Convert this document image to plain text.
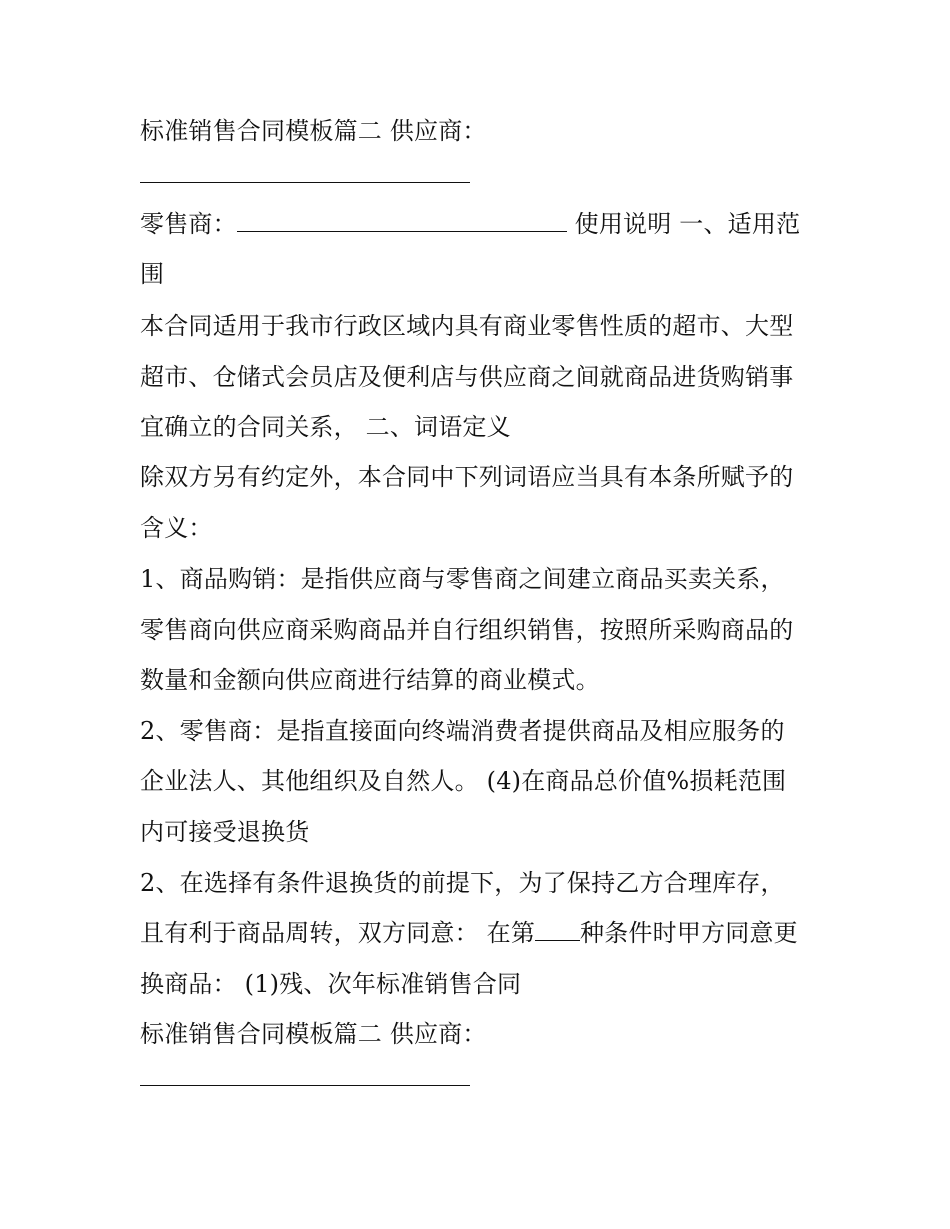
标准销售合同模板篇二 供应商：

零售商：	使用说明 一、适用范

围

本合同适用于我市行政区域内具有商业零售性质的超市、大型

超市、仓储式会员店及便利店与供应商之间就商品进货购销事

宜确立的合同关系， 二、词语定义

除双方另有约定外，本合同中下列词语应当具有本条所赋予的

含义：

1、商品购销：是指供应商与零售商之间建立商品买卖关系，

零售商向供应商采购商品并自行组织销售，按照所采购商品的

数量和金额向供应商进行结算的商业模式。

2、零售商：是指直接面向终端消费者提供商品及相应服务的

企业法人、其他组织及自然人。 (4)在商品总价值%损耗范围

内可接受退换货

2、在选择有条件退换货的前提下，为了保持乙方合理库存，

且有利于商品周转，双方同意： 在第 种条件时甲方同意更

换商品： (1)残、次年标准销售合同

标准销售合同模板篇二 供应商：
